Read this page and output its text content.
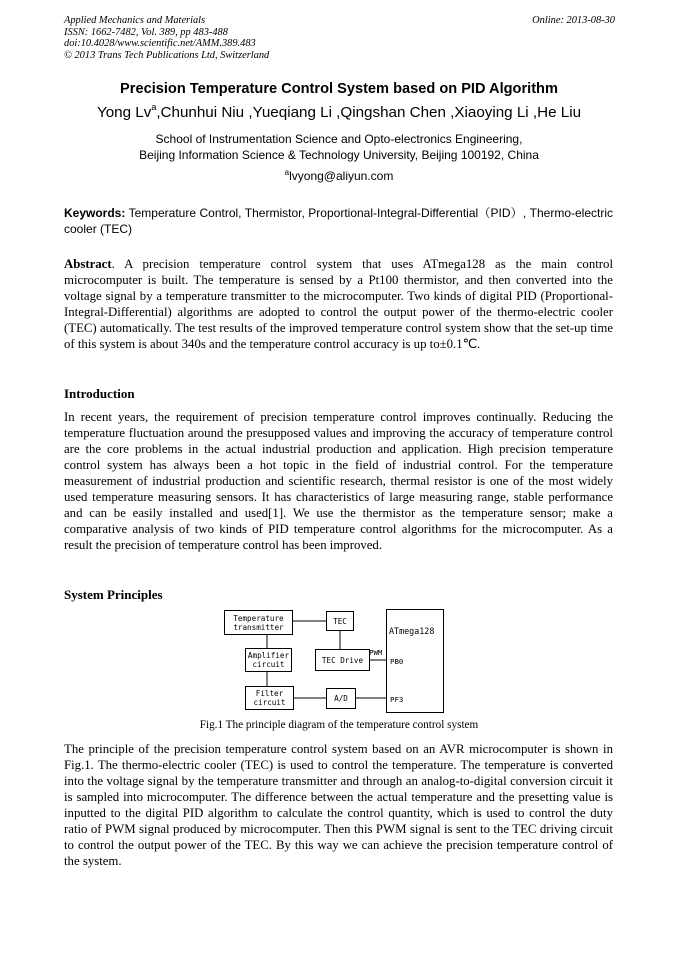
Applied Mechanics and Materials
ISSN: 1662-7482, Vol. 389, pp 483-488
doi:10.4028/www.scientific.net/AMM.389.483
© 2013 Trans Tech Publications Ltd, Switzerland
Online: 2013-08-30
Precision Temperature Control System based on PID Algorithm
Yong Lv$^a$,Chunhui Niu ,Yueqiang Li ,Qingshan Chen ,Xiaoying Li ,He Liu
School of Instrumentation Science and Opto-electronics Engineering,
Beijing Information Science & Technology University, Beijing 100192, China
$^a$lvyong@aliyun.com
Keywords: Temperature Control, Thermistor, Proportional-Integral-Differential（PID）, Thermo-electric cooler (TEC)
Abstract. A precision temperature control system that uses ATmega128 as the main control microcomputer is built. The temperature is sensed by a Pt100 thermistor, and then converted into the voltage signal by a temperature transmitter to the microcomputer. Two kinds of digital PID (Proportional-Integral-Differential) algorithms are adopted to control the output power of the thermo-electric cooler (TEC) automatically. The test results of the improved temperature control system show that the set-up time of this system is about 340s and the temperature control accuracy is up to±0.1℃.
Introduction
In recent years, the requirement of precision temperature control improves continually. Reducing the temperature fluctuation around the presupposed values and improving the accuracy of temperature control are the core problems in the actual industrial production and application. High precision temperature control system has always been a hot topic in the field of industrial control. For the temperature measurement of industrial production and scientific research, thermal resistor is one of the most widely used temperature measuring sensors. It has characteristics of large measuring range, stable performance and can be easily installed and used[1]. We use the thermistor as the temperature sensor; make a comparative analysis of two kinds of PID temperature control algorithms for the microcomputer. As a result the precision of temperature control has been improved.
System Principles
Temperature
transmitter
TEC
ATmega128
PB0
PF3
PWM
Amplifier
circuit	TEC Drive
Filter
circuit	A/D
Fig.1 The principle diagram of the temperature control system
The principle of the precision temperature control system based on an AVR microcomputer is shown in Fig.1. The thermo-electric cooler (TEC) is used to control the temperature. The temperature is converted into the voltage signal by the temperature transmitter and through an analog-to-digital conversion circuit it is sampled into microcomputer. The difference between the actual temperature and the presetting value is inputted to the digital PID algorithm to calculate the control quantity, which is used to control the duty ratio of PWM signal produced by microcomputer. Then this PWM signal is sent to the TEC driving circuit to control the output power of the TEC. By this way we can achieve the precision temperature control of the system.
